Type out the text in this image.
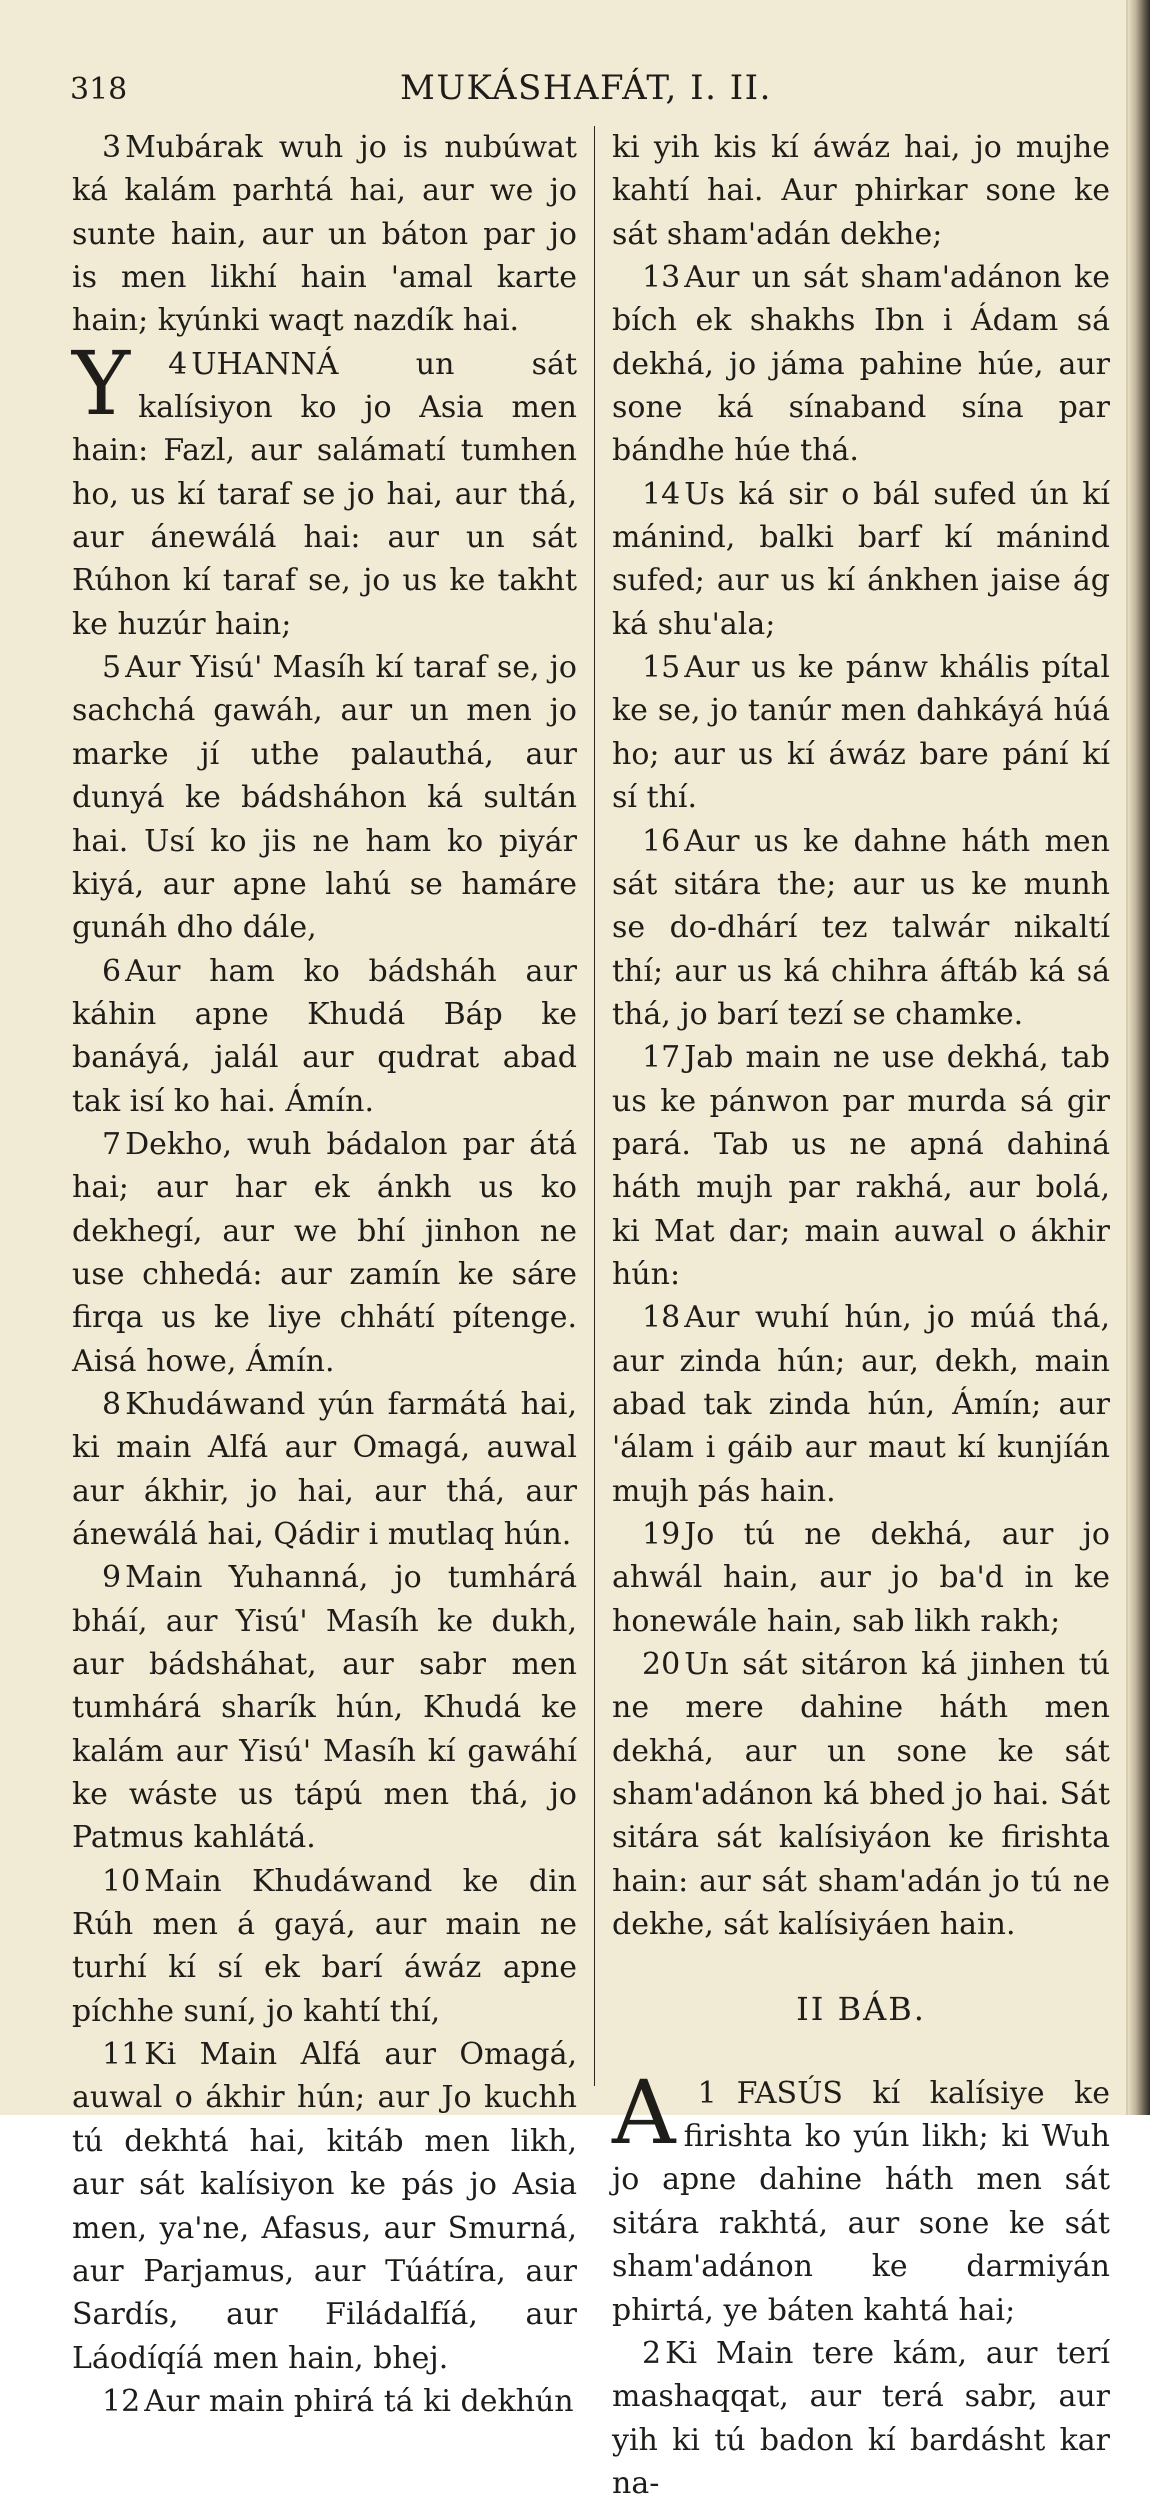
318	MUKÁSHAFÁT, I. II.

3 Mubárak wuh jo is nubúwat ká kalám parhtá hai, aur we jo sunte hain, aur un báton par jo is men likhí hain 'amal karte hain; kyúnki waqt nazdík hai.

4
Y UHANNÁ un sát kalísiyon ko jo Asia men hain: Fazl, aur salámatí tumhen ho, us kí taraf se jo hai, aur thá, aur ánewálá hai: aur un sát Rúhon kí taraf se, jo us ke takht ke huzúr hain;

5 Aur Yisú' Masíh kí taraf se, jo sachchá gawáh, aur un men jo marke jí uthe palauthá, aur dunyá ke bádsháhon ká sultán hai. Usí ko jis ne ham ko piyár kiyá, aur apne lahú se hamáre gunáh dho dále,

6 Aur ham ko bádsháh aur káhin apne Khudá Báp ke banáyá, jalál aur qudrat abad tak isí ko hai. Ámín.

7 Dekho, wuh bádalon par átá hai; aur har ek ánkh us ko dekhegí, aur we bhí jinhon ne use chhedá: aur zamín ke sáre firqa us ke liye chhátí pítenge. Aisá howe, Ámín.

8 Khudáwand yún farmátá hai, ki main Alfá aur Omagá, auwal aur ákhir, jo hai, aur thá, aur ánewálá hai, Qádir i mutlaq hún.

9 Main Yuhanná, jo tumhárá bháí, aur Yisú' Masíh ke dukh, aur bádsháhat, aur sabr men tumhárá sharík hún, Khudá ke kalám aur Yisú' Masíh kí gawáhí ke wáste us tápú men thá, jo Patmus kahlátá.

10 Main Khudáwand ke din Rúh men á gayá, aur main ne turhí kí sí ek barí áwáz apne píchhe suní, jo kahtí thí,

11 Ki Main Alfá aur Omagá, auwal o ákhir hún; aur Jo kuchh tú dekhtá hai, kitáb men likh, aur sát kalísiyon ke pás jo Asia men, ya'ne, Afasus, aur Smurná, aur Parjamus, aur Túátíra, aur Sardís, aur Filádalfíá, aur Láodíqíá men hain, bhej.

12 Aur main phirá tá ki dekhún

ki yih kis kí áwáz hai, jo mujhe kahtí hai. Aur phirkar sone ke sát sham'adán dekhe;

13 Aur un sát sham'adánon ke bích ek shakhs Ibn i Ádam sá dekhá, jo jáma pahine húe, aur sone ká sínaband sína par bándhe húe thá.

14 Us ká sir o bál sufed ún kí mánind, balki barf kí mánind sufed; aur us kí ánkhen jaise ág ká shu'ala;

15 Aur us ke pánw khális pítal ke se, jo tanúr men dahkáyá húá ho; aur us kí áwáz bare pání kí sí thí.

16 Aur us ke dahne háth men sát sitára the; aur us ke munh se do-dhárí tez talwár nikaltí thí; aur us ká chihra áftáb ká sá thá, jo barí tezí se chamke.

17 Jab main ne use dekhá, tab us ke pánwon par murda sá gir pará. Tab us ne apná dahiná háth mujh par rakhá, aur bolá, ki Mat dar; main auwal o ákhir hún:

18 Aur wuhí hún, jo múá thá, aur zinda hún; aur, dekh, main abad tak zinda hún, Ámín; aur 'álam i gáib aur maut kí kunjíán mujh pás hain.

19 Jo tú ne dekhá, aur jo ahwál hain, aur jo ba'd in ke honewále hain, sab likh rakh;

20 Un sát sitáron ká jinhen tú ne mere dahine háth men dekhá, aur un sone ke sát sham'adánon ká bhed jo hai. Sát sitára sát kalísiyáon ke firishta hain: aur sát sham'adán jo tú ne dekhe, sát kalísiyáen hain.

II BÁB.

1
A FASÚS kí kalísiye ke firishta ko yún likh; ki Wuh jo apne dahine háth men sát sitára rakhtá, aur sone ke sát sham'adánon ke darmiyán phirtá, ye báten kahtá hai;

2 Ki Main tere kám, aur terí mashaqqat, aur terá sabr, aur yih ki tú badon kí bardásht kar na-
